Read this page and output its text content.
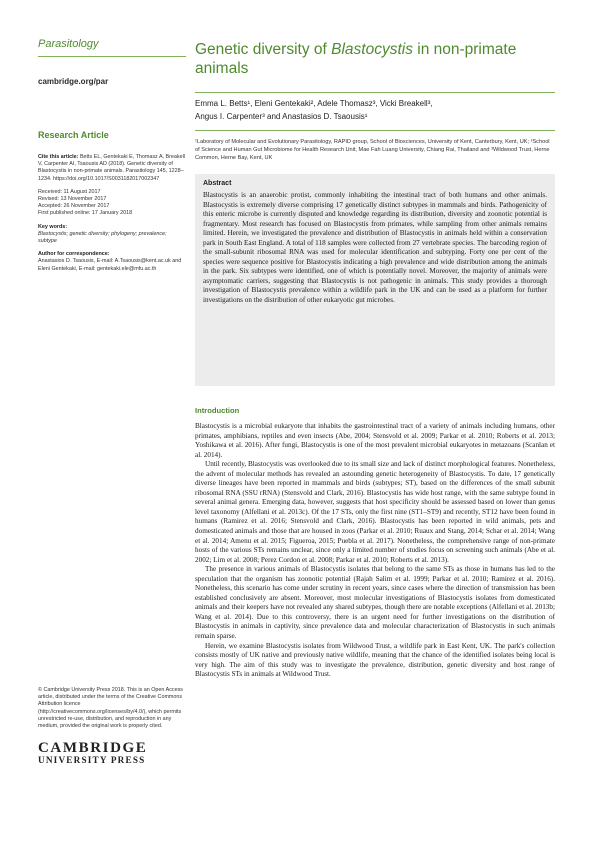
Parasitology
cambridge.org/par
Research Article

Cite this article: Betts EL, Gentekaki E, Thomasz A, Breakell V, Carpenter AI, Tsaousis AD (2018). Genetic diversity of Blastocystis in non-primate animals. Parasitology 145, 1228–1234. https://doi.org/10.1017/S0031182017002347

Received: 11 August 2017

Revised: 13 November 2017

Accepted: 26 November 2017

First published online: 17 January 2018

Key words:

Blastocystis; genetic diversity; phylogeny; prevalence; subtype

Author for correspondence:

Anastasios D. Tsaousis, E-mail: A.Tsaousis@kent.ac.uk and Eleni Gentekaki, E-mail: gentekaki.ele@mfu.ac.th

Genetic diversity of Blastocystis in non-primate animals
Emma L. Betts¹, Eleni Gentekaki², Adele Thomasz³, Vicki Breakell³,
Angus I. Carpenter³ and Anastasios D. Tsaousis¹
¹Laboratory of Molecular and Evolutionary Parasitology, RAPID group, School of Biosciences, University of Kent, Canterbury, Kent, UK; ²School of Science and Human Gut Microbiome for Health Research Unit, Mae Fah Luang University, Chiang Rai, Thailand and ³Wildwood Trust, Herne Common, Herne Bay, Kent, UK
Abstract

Blastocystis is an anaerobic protist, commonly inhabiting the intestinal tract of both humans and other animals. Blastocystis is extremely diverse comprising 17 genetically distinct subtypes in mammals and birds. Pathogenicity of this enteric microbe is currently disputed and knowledge regarding its distribution, diversity and zoonotic potential is fragmentary. Most research has focused on Blastocystis from primates, while sampling from other animals remains limited. Herein, we investigated the prevalence and distribution of Blastocystis in animals held within a conservation park in South East England. A total of 118 samples were collected from 27 vertebrate species. The barcoding region of the small-subunit ribosomal RNA was used for molecular identification and subtyping. Forty one per cent of the species were sequence positive for Blastocystis indicating a high prevalence and wide distribution among the animals in the park. Six subtypes were identified, one of which is potentially novel. Moreover, the majority of animals were asymptomatic carriers, suggesting that Blastocystis is not pathogenic in animals. This study provides a thorough investigation of Blastocystis prevalence within a wildlife park in the UK and can be used as a platform for further investigations on the distribution of other eukaryotic gut microbes.

Introduction

Blastocystis is a microbial eukaryote that inhabits the gastrointestinal tract of a variety of animals including humans, other primates, amphibians, reptiles and even insects (Abe, 2004; Stensvold et al. 2009; Parkar et al. 2010; Roberts et al. 2013; Yoshikawa et al. 2016). After fungi, Blastocystis is one of the most prevalent microbial eukaryotes in metazoans (Scanlan et al. 2014).

Until recently, Blastocystis was overlooked due to its small size and lack of distinct morphological features. Nonetheless, the advent of molecular methods has revealed an astounding genetic heterogeneity of Blastocystis. To date, 17 genetically diverse lineages have been reported in mammals and birds (subtypes; ST), based on the differences of the small subunit ribosomal RNA (SSU rRNA) (Stensvold and Clark, 2016). Blastocystis has wide host range, with the same subtype found in several animal genera. Emerging data, however, suggests that host specificity should be assessed based on lower than genus level taxonomy (Alfellani et al. 2013c). Of the 17 STs, only the first nine (ST1–ST9) and recently, ST12 have been found in humans (Ramirez et al. 2016; Stensvold and Clark, 2016). Blastocystis has been reported in wild animals, pets and domesticated animals and those that are housed in zoos (Parkar et al. 2010; Ruaux and Stang, 2014; Schar et al. 2014; Wang et al. 2014; Amenu et al. 2015; Figueroa, 2015; Puebla et al. 2017). Nonetheless, the comprehensive range of non-primate hosts of the various STs remains unclear, since only a limited number of studies focus on screening such animals (Abe et al. 2002; Lim et al. 2008; Perez Cordon et al. 2008; Parkar et al. 2010; Roberts et al. 2013).

The presence in various animals of Blastocystis isolates that belong to the same STs as those in humans has led to the speculation that the organism has zoonotic potential (Rajah Salim et al. 1999; Parkar et al. 2010; Ramirez et al. 2016). Nonetheless, this scenario has come under scrutiny in recent years, since cases where the direction of transmission has been established conclusively are absent. Moreover, most molecular investigations of Blastocystis isolates from domesticated animals and their keepers have not revealed any shared subtypes, though there are notable exceptions (Alfellani et al. 2013b; Wang et al. 2014). Due to this controversy, there is an urgent need for further investigations on the distribution of Blastocystis in animals in captivity, since prevalence data and molecular characterization of Blastocystis in such animals remain sparse.

Herein, we examine Blastocystis isolates from Wildwood Trust, a wildlife park in East Kent, UK. The park's collection consists mostly of UK native and previously native wildlife, meaning that the chance of the identified isolates being local is very high. The aim of this study was to investigate the prevalence, distribution, genetic diversity and host range of Blastocystis STs in animals at Wildwood Trust.

© Cambridge University Press 2018. This is an Open Access article, distributed under the terms of the Creative Commons Attribution licence (http://creativecommons.org/licenses/by/4.0/), which permits unrestricted re-use, distribution, and reproduction in any medium, provided the original work is properly cited.

CAMBRIDGE
UNIVERSITY PRESS
